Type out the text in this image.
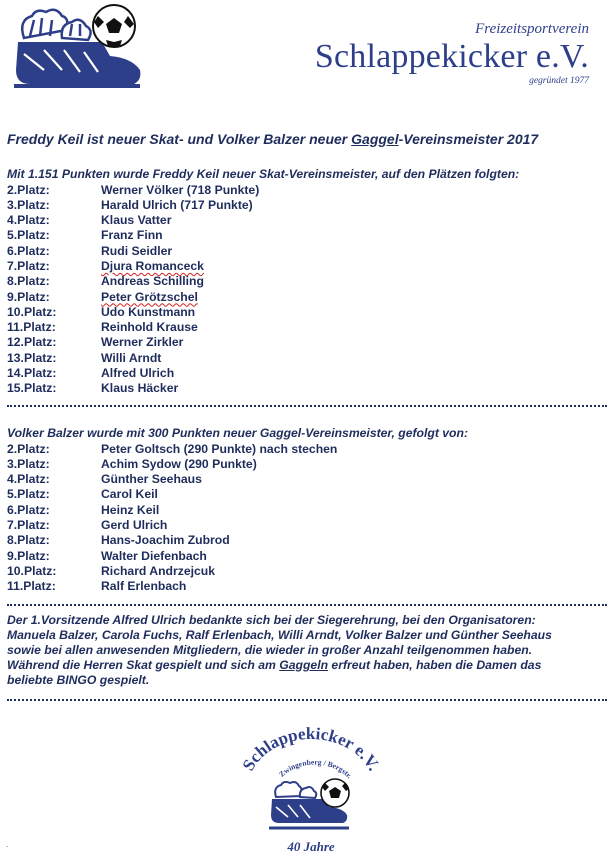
Freizeitsportverein
Schlappekicker e.V.
gegründet 1977
Freddy Keil ist neuer Skat- und Volker Balzer neuer Gaggel-Vereinsmeister 2017
Mit 1.151 Punkten wurde Freddy Keil neuer Skat-Vereinsmeister, auf den Plätzen folgten:
2.Platz:	Werner Völker (718 Punkte)
3.Platz:	Harald Ulrich (717 Punkte)
4.Platz:	Klaus Vatter
5.Platz:	Franz Finn
6.Platz:	Rudi Seidler
7.Platz:	Djura Romanceck
8.Platz:	Andreas Schilling
9.Platz:	Peter Grötzschel
10.Platz:	Udo Kunstmann
11.Platz:	Reinhold Krause
12.Platz:	Werner Zirkler
13.Platz:	Willi Arndt
14.Platz:	Alfred Ulrich
15.Platz:	Klaus Häcker
Volker Balzer wurde mit 300 Punkten neuer Gaggel-Vereinsmeister, gefolgt von:
2.Platz:	Peter Goltsch (290 Punkte) nach stechen
3.Platz:	Achim Sydow (290 Punkte)
4.Platz:	Günther Seehaus
5.Platz:	Carol Keil
6.Platz:	Heinz Keil
7.Platz:	Gerd Ulrich
8.Platz:	Hans-Joachim Zubrod
9.Platz:	Walter Diefenbach
10.Platz:	Richard Andrzejcuk
11.Platz:	Ralf Erlenbach
Der 1.Vorsitzende Alfred Ulrich bedankte sich bei der Siegerehrung, bei den Organisatoren:
Manuela Balzer, Carola Fuchs, Ralf Erlenbach, Willi Arndt, Volker Balzer und Günther Seehaus
sowie bei allen anwesenden Mitgliedern, die wieder in großer Anzahl teilgenommen haben.
Während die Herren Skat gespielt und sich am Gaggeln erfreut haben, haben die Damen das
beliebte BINGO gespielt.
Schlappekicker e.V.
Zwingenberg / Bergstr.
40 Jahre
.
